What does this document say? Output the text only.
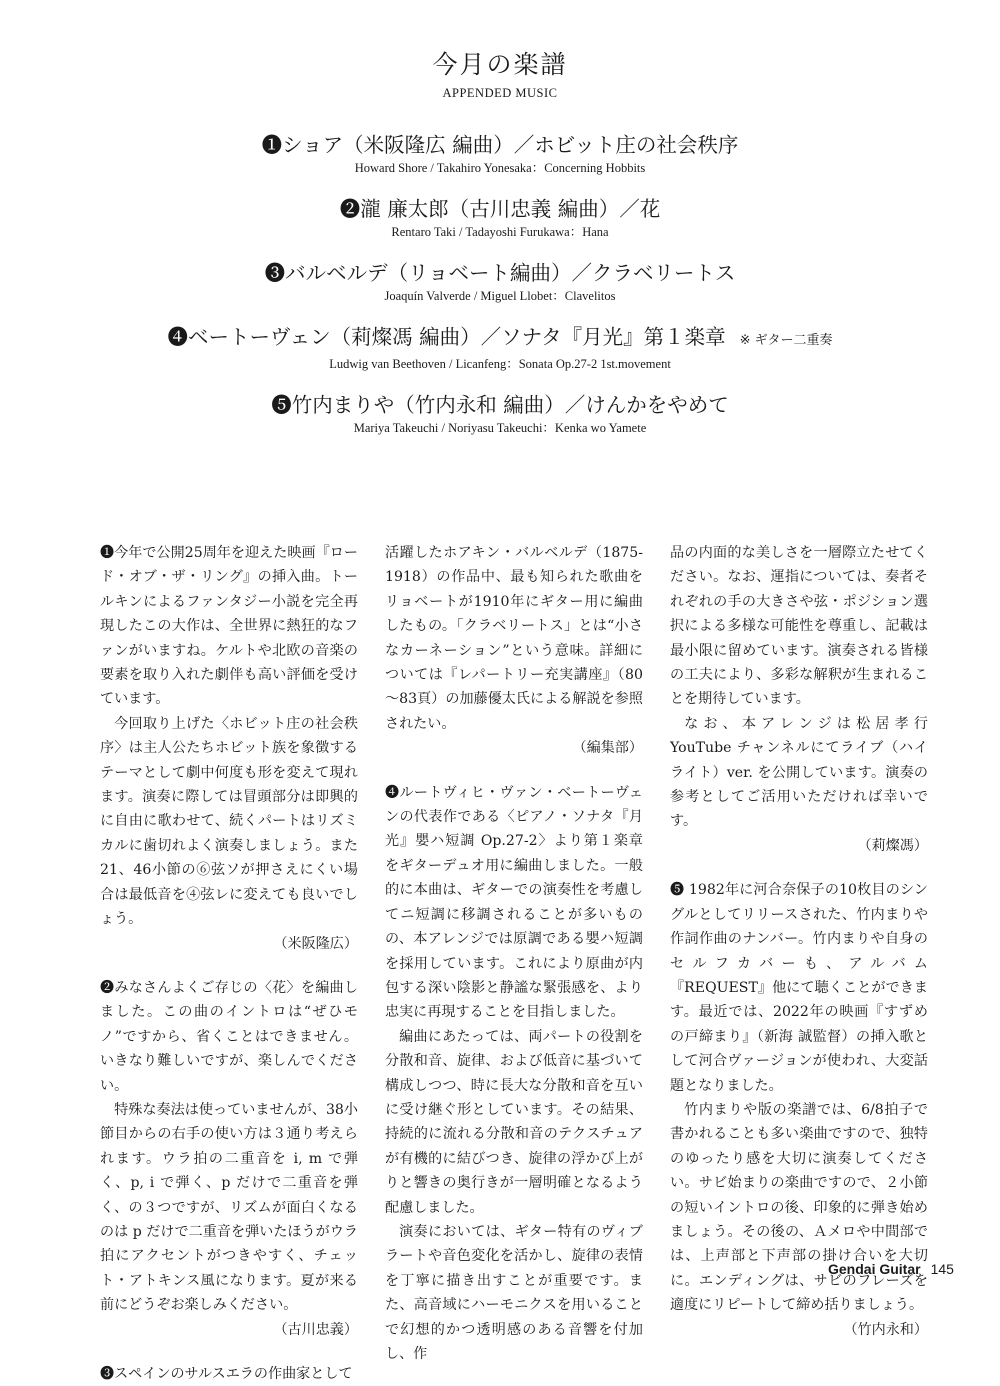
今月の楽譜
APPENDED MUSIC
❶ショア（米阪隆広 編曲）／ホビット庄の社会秩序
Howard Shore / Takahiro Yonesaka：Concerning Hobbits
❷瀧 廉太郎（古川忠義 編曲）／花
Rentaro Taki / Tadayoshi Furukawa：Hana
❸バルベルデ（リョベート編曲）／クラベリートス
Joaquín Valverde / Miguel Llobet：Clavelitos
❹ベートーヴェン（莉燦馮 編曲）／ソナタ『月光』第１楽章 ※ ギター二重奏
Ludwig van Beethoven / Licanfeng：Sonata Op.27-2 1st.movement
❺竹内まりや（竹内永和 編曲）／けんかをやめて
Mariya Takeuchi / Noriyasu Takeuchi：Kenka wo Yamete

❶今年で公開25周年を迎えた映画『ロード・オブ・ザ・リング』の挿入曲。トールキンによるファンタジー小説を完全再現したこの大作は、全世界に熱狂的なファンがいますね。ケルトや北欧の音楽の要素を取り入れた劇伴も高い評価を受けています。

今回取り上げた〈ホビット庄の社会秩序〉は主人公たちホビット族を象徴するテーマとして劇中何度も形を変えて現れます。演奏に際しては冒頭部分は即興的に自由に歌わせて、続くパートはリズミカルに歯切れよく演奏しましょう。また21、46小節の⑥弦ソが押さえにくい場合は最低音を④弦レに変えても良いでしょう。

（米阪隆広）

❷みなさんよくご存じの〈花〉を編曲しました。この曲のイントロは“ぜひモノ”ですから、省くことはできません。いきなり難しいですが、楽しんでください。

特殊な奏法は使っていませんが、38小節目からの右手の使い方は３通り考えられます。ウラ拍の二重音を i, m で弾く、p, i で弾く、p だけで二重音を弾く、の３つですが、リズムが面白くなるのは p だけで二重音を弾いたほうがウラ拍にアクセントがつきやすく、チェット・アトキンス風になります。夏が来る前にどうぞお楽しみください。

（古川忠義）

❸スペインのサルスエラの作曲家として

活躍したホアキン・バルベルデ（1875-1918）の作品中、最も知られた歌曲をリョベートが1910年にギター用に編曲したもの。「クラベリートス」とは“小さなカーネーション”という意味。詳細については『レパートリー充実講座』（80～83頁）の加藤優太氏による解説を参照されたい。

（編集部）

❹ルートヴィヒ・ヴァン・ベートーヴェンの代表作である〈ピアノ・ソナタ『月光』嬰ハ短調 Op.27-2〉より第１楽章をギターデュオ用に編曲しました。一般的に本曲は、ギターでの演奏性を考慮してニ短調に移調されることが多いものの、本アレンジでは原調である嬰ハ短調を採用しています。これにより原曲が内包する深い陰影と静謐な緊張感を、より忠実に再現することを目指しました。

編曲にあたっては、両パートの役割を分散和音、旋律、および低音に基づいて構成しつつ、時に長大な分散和音を互いに受け継ぐ形としています。その結果、持続的に流れる分散和音のテクスチュアが有機的に結びつき、旋律の浮かび上がりと響きの奥行きが一層明確となるよう配慮しました。

演奏においては、ギター特有のヴィブラートや音色変化を活かし、旋律の表情を丁寧に描き出すことが重要です。また、高音域にハーモニクスを用いることで幻想的かつ透明感のある音響を付加し、作

品の内面的な美しさを一層際立たせてください。なお、運指については、奏者それぞれの手の大きさや弦・ポジション選択による多様な可能性を尊重し、記載は最小限に留めています。演奏される皆様の工夫により、多彩な解釈が生まれることを期待しています。

なお、本アレンジは松居孝行 YouTube チャンネルにてライブ（ハイライト）ver. を公開しています。演奏の参考としてご活用いただければ幸いです。

（莉燦馮）

❺ 1982年に河合奈保子の10枚目のシングルとしてリリースされた、竹内まりや作詞作曲のナンバー。竹内まりや自身のセルフカバーも、アルバム『REQUEST』他にて聴くことができます。最近では、2022年の映画『すずめの戸締まり』（新海 誠監督）の挿入歌として河合ヴァージョンが使われ、大変話題となりました。

竹内まりや版の楽譜では、6/8拍子で書かれることも多い楽曲ですので、独特のゆったり感を大切に演奏してください。サビ始まりの楽曲ですので、２小節の短いイントロの後、印象的に弾き始めましょう。その後の、Ａメロや中間部では、上声部と下声部の掛け合いを大切に。エンディングは、サビのフレーズを適度にリピートして締め括りましょう。

（竹内永和）

Gendai Guitar 145
